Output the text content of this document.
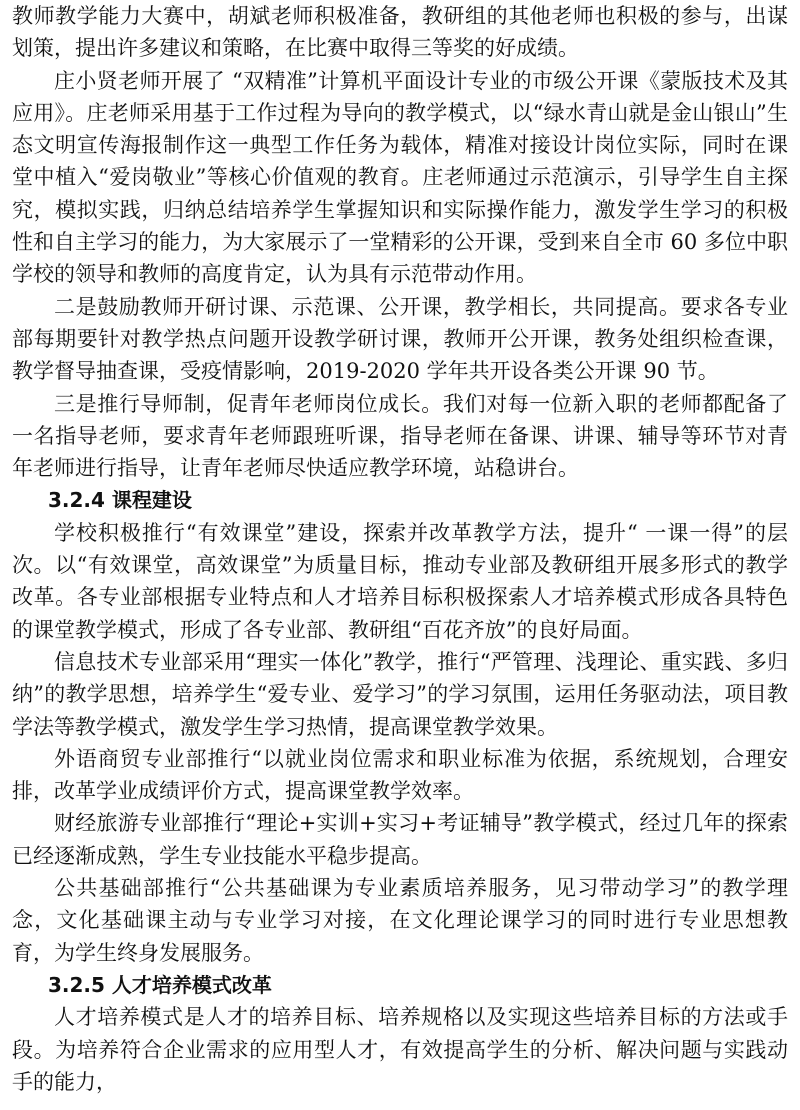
教师教学能力大赛中，胡斌老师积极准备，教研组的其他老师也积极的参与，出谋划策，提出许多建议和策略，在比赛中取得三等奖的好成绩。

庄小贤老师开展了 “双精准”计算机平面设计专业的市级公开课《蒙版技术及其应用》。庄老师采用基于工作过程为导向的教学模式，以“绿水青山就是金山银山”生态文明宣传海报制作这一典型工作任务为载体，精准对接设计岗位实际，同时在课堂中植入“爱岗敬业”等核心价值观的教育。庄老师通过示范演示，引导学生自主探究，模拟实践，归纳总结培养学生掌握知识和实际操作能力，激发学生学习的积极性和自主学习的能力，为大家展示了一堂精彩的公开课，受到来自全市 60 多位中职学校的领导和教师的高度肯定，认为具有示范带动作用。

二是鼓励教师开研讨课、示范课、公开课，教学相长，共同提高。要求各专业部每期要针对教学热点问题开设教学研讨课，教师开公开课，教务处组织检查课，教学督导抽查课，受疫情影响，2019-2020 学年共开设各类公开课 90 节。

三是推行导师制，促青年老师岗位成长。我们对每一位新入职的老师都配备了一名指导老师，要求青年老师跟班听课，指导老师在备课、讲课、辅导等环节对青年老师进行指导，让青年老师尽快适应教学环境，站稳讲台。

3.2.4 课程建设

学校积极推行“有效课堂”建设，探索并改革教学方法，提升“ 一课一得”的层次。以“有效课堂，高效课堂”为质量目标，推动专业部及教研组开展多形式的教学改革。各专业部根据专业特点和人才培养目标积极探索人才培养模式形成各具特色的课堂教学模式，形成了各专业部、教研组“百花齐放”的良好局面。

信息技术专业部采用“理实一体化”教学，推行“严管理、浅理论、重实践、多归纳”的教学思想，培养学生“爱专业、爱学习”的学习氛围，运用任务驱动法，项目教学法等教学模式，激发学生学习热情，提高课堂教学效果。

外语商贸专业部推行“以就业岗位需求和职业标准为依据，系统规划，合理安排，改革学业成绩评价方式，提高课堂教学效率。

财经旅游专业部推行“理论+实训+实习+考证辅导”教学模式，经过几年的探索已经逐渐成熟，学生专业技能水平稳步提高。

公共基础部推行“公共基础课为专业素质培养服务，见习带动学习”的教学理念，文化基础课主动与专业学习对接，在文化理论课学习的同时进行专业思想教育，为学生终身发展服务。

3.2.5 人才培养模式改革

人才培养模式是人才的培养目标、培养规格以及实现这些培养目标的方法或手段。为培养符合企业需求的应用型人才，有效提高学生的分析、解决问题与实践动手的能力，
